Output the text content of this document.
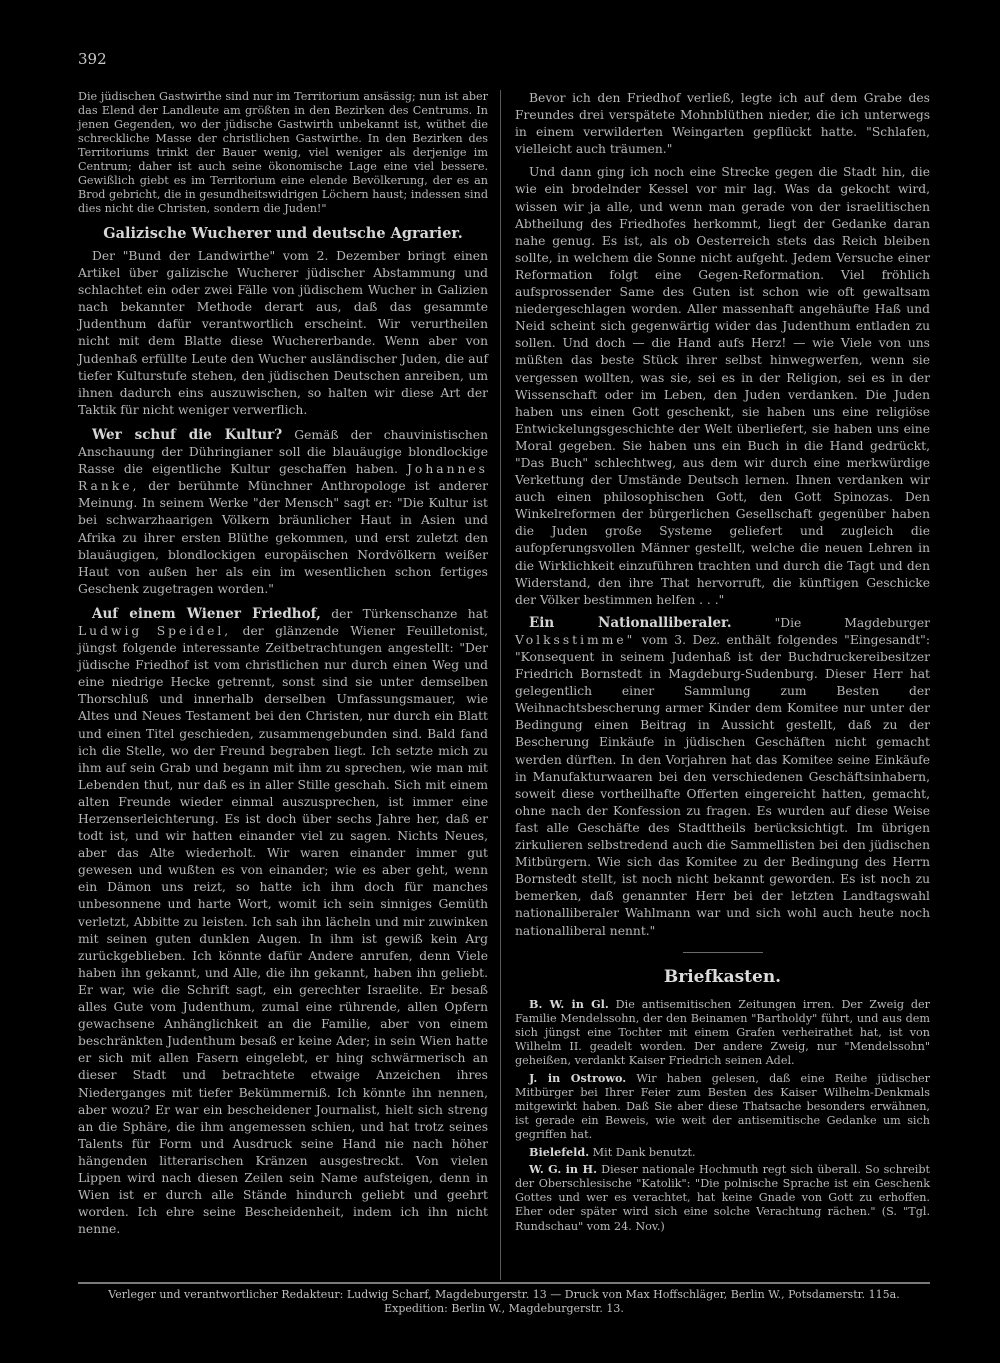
392

Die jüdischen Gastwirthe sind nur im Territorium ansässig; nun ist aber das Elend der Landleute am größten in den Bezirken des Centrums. In jenen Gegenden, wo der jüdische Gastwirth unbekannt ist, wüthet die schreckliche Masse der christlichen Gastwirthe. In den Bezirken des Territoriums trinkt der Bauer wenig, viel weniger als derjenige im Centrum; daher ist auch seine ökonomische Lage eine viel bessere. Gewißlich giebt es im Territorium eine elende Bevölkerung, der es an Brod gebricht, die in gesundheitswidrigen Löchern haust; indessen sind dies nicht die Christen, sondern die Juden!"

Galizische Wucherer und deutsche Agrarier.

Der "Bund der Landwirthe" vom 2. Dezember bringt einen Artikel über galizische Wucherer jüdischer Abstammung und schlachtet ein oder zwei Fälle von jüdischem Wucher in Galizien nach bekannter Methode derart aus, daß das gesammte Judenthum dafür verantwortlich erscheint. Wir verurtheilen nicht mit dem Blatte diese Wuchererbande. Wenn aber von Judenhaß erfüllte Leute den Wucher ausländischer Juden, die auf tiefer Kulturstufe stehen, den jüdischen Deutschen anreiben, um ihnen dadurch eins auszuwischen, so halten wir diese Art der Taktik für nicht weniger verwerflich.

Wer schuf die Kultur? Gemäß der chauvinistischen Anschauung der Dühringianer soll die blauäugige blondlockige Rasse die eigentliche Kultur geschaffen haben. Johannes Ranke, der berühmte Münchner Anthropologe ist anderer Meinung. In seinem Werke "der Mensch" sagt er: "Die Kultur ist bei schwarzhaarigen Völkern bräunlicher Haut in Asien und Afrika zu ihrer ersten Blüthe gekommen, und erst zuletzt den blauäugigen, blondlockigen europäischen Nordvölkern weißer Haut von außen her als ein im wesentlichen schon fertiges Geschenk zugetragen worden."

Auf einem Wiener Friedhof, der Türkenschanze hat Ludwig Speidel, der glänzende Wiener Feuilletonist, jüngst folgende interessante Zeitbetrachtungen angestellt: "Der jüdische Friedhof ist vom christlichen nur durch einen Weg und eine niedrige Hecke getrennt, sonst sind sie unter demselben Thorschluß und innerhalb derselben Umfassungsmauer, wie Altes und Neues Testament bei den Christen, nur durch ein Blatt und einen Titel geschieden, zusammengebunden sind. Bald fand ich die Stelle, wo der Freund begraben liegt. Ich setzte mich zu ihm auf sein Grab und begann mit ihm zu sprechen, wie man mit Lebenden thut, nur daß es in aller Stille geschah. Sich mit einem alten Freunde wieder einmal auszusprechen, ist immer eine Herzenserleichterung. Es ist doch über sechs Jahre her, daß er todt ist, und wir hatten einander viel zu sagen. Nichts Neues, aber das Alte wiederholt. Wir waren einander immer gut gewesen und wußten es von einander; wie es aber geht, wenn ein Dämon uns reizt, so hatte ich ihm doch für manches unbesonnene und harte Wort, womit ich sein sinniges Gemüth verletzt, Abbitte zu leisten. Ich sah ihn lächeln und mir zuwinken mit seinen guten dunklen Augen. In ihm ist gewiß kein Arg zurückgeblieben. Ich könnte dafür Andere anrufen, denn Viele haben ihn gekannt, und Alle, die ihn gekannt, haben ihn geliebt. Er war, wie die Schrift sagt, ein gerechter Israelite. Er besaß alles Gute vom Judenthum, zumal eine rührende, allen Opfern gewachsene Anhänglichkeit an die Familie, aber von einem beschränkten Judenthum besaß er keine Ader; in sein Wien hatte er sich mit allen Fasern eingelebt, er hing schwärmerisch an dieser Stadt und betrachtete etwaige Anzeichen ihres Niederganges mit tiefer Bekümmerniß. Ich könnte ihn nennen, aber wozu? Er war ein bescheidener Journalist, hielt sich streng an die Sphäre, die ihm angemessen schien, und hat trotz seines Talents für Form und Ausdruck seine Hand nie nach höher hängenden litterarischen Kränzen ausgestreckt. Von vielen Lippen wird nach diesen Zeilen sein Name aufsteigen, denn in Wien ist er durch alle Stände hindurch geliebt und geehrt worden. Ich ehre seine Bescheidenheit, indem ich ihn nicht nenne.

Bevor ich den Friedhof verließ, legte ich auf dem Grabe des Freundes drei verspätete Mohnblüthen nieder, die ich unterwegs in einem verwilderten Weingarten gepflückt hatte. "Schlafen, vielleicht auch träumen."

Und dann ging ich noch eine Strecke gegen die Stadt hin, die wie ein brodelnder Kessel vor mir lag. Was da gekocht wird, wissen wir ja alle, und wenn man gerade von der israelitischen Abtheilung des Friedhofes herkommt, liegt der Gedanke daran nahe genug. Es ist, als ob Oesterreich stets das Reich bleiben sollte, in welchem die Sonne nicht aufgeht. Jedem Versuche einer Reformation folgt eine Gegen-Reformation. Viel fröhlich aufsprossender Same des Guten ist schon wie oft gewaltsam niedergeschlagen worden. Aller massenhaft angehäufte Haß und Neid scheint sich gegenwärtig wider das Judenthum entladen zu sollen. Und doch — die Hand aufs Herz! — wie Viele von uns müßten das beste Stück ihrer selbst hinwegwerfen, wenn sie vergessen wollten, was sie, sei es in der Religion, sei es in der Wissenschaft oder im Leben, den Juden verdanken. Die Juden haben uns einen Gott geschenkt, sie haben uns eine religiöse Entwickelungsgeschichte der Welt überliefert, sie haben uns eine Moral gegeben. Sie haben uns ein Buch in die Hand gedrückt, "Das Buch" schlechtweg, aus dem wir durch eine merkwürdige Verkettung der Umstände Deutsch lernen. Ihnen verdanken wir auch einen philosophischen Gott, den Gott Spinozas. Den Winkelreformen der bürgerlichen Gesellschaft gegenüber haben die Juden große Systeme geliefert und zugleich die aufopferungsvollen Männer gestellt, welche die neuen Lehren in die Wirklichkeit einzuführen trachten und durch die Tagt und den Widerstand, den ihre That hervorruft, die künftigen Geschicke der Völker bestimmen helfen . . ."

Ein Nationalliberaler.	"Die Magdeburger Volksstimme" vom 3. Dez. enthält folgendes "Eingesandt": "Konsequent in seinem Judenhaß ist der Buchdruckereibesitzer Friedrich Bornstedt in Magdeburg-Sudenburg. Dieser Herr hat gelegentlich einer Sammlung zum Besten der Weihnachtsbescherung armer Kinder dem Komitee nur unter der Bedingung einen Beitrag in Aussicht gestellt, daß zu der Bescherung Einkäufe in jüdischen Geschäften nicht gemacht werden dürften. In den Vorjahren hat das Komitee seine Einkäufe in Manufakturwaaren bei den verschiedenen Geschäftsinhabern, soweit diese vortheilhafte Offerten eingereicht hatten, gemacht, ohne nach der Konfession zu fragen. Es wurden auf diese Weise fast alle Geschäfte des Stadttheils berücksichtigt. Im übrigen zirkulieren selbstredend auch die Sammellisten bei den jüdischen Mitbürgern. Wie sich das Komitee zu der Bedingung des Herrn Bornstedt stellt, ist noch nicht bekannt geworden. Es ist noch zu bemerken, daß genannter Herr bei der letzten Landtagswahl nationalliberaler Wahlmann war und sich wohl auch heute noch nationalliberal nennt."

Briefkasten.

B. W. in Gl. Die antisemitischen Zeitungen irren. Der Zweig der Familie Mendelssohn, der den Beinamen "Bartholdy" führt, und aus dem sich jüngst eine Tochter mit einem Grafen verheirathet hat, ist von Wilhelm II. geadelt worden. Der andere Zweig, nur "Mendelssohn" geheißen, verdankt Kaiser Friedrich seinen Adel.

J. in Ostrowo. Wir haben gelesen, daß eine Reihe jüdischer Mitbürger bei Ihrer Feier zum Besten des Kaiser Wilhelm-Denkmals mitgewirkt haben. Daß Sie aber diese Thatsache besonders erwähnen, ist gerade ein Beweis, wie weit der antisemitische Gedanke um sich gegriffen hat.

Bielefeld. Mit Dank benutzt.

W. G. in H. Dieser nationale Hochmuth regt sich überall. So schreibt der Oberschlesische "Katolik": "Die polnische Sprache ist ein Geschenk Gottes und wer es verachtet, hat keine Gnade von Gott zu erhoffen. Eher oder später wird sich eine solche Verachtung rächen." (S. "Tgl. Rundschau" vom 24. Nov.)

Verleger und verantwortlicher Redakteur: Ludwig Scharf, Magdeburgerstr. 13 — Druck von Max Hoffschläger, Berlin W., Potsdamerstr. 115a.
Expedition: Berlin W., Magdeburgerstr. 13.
